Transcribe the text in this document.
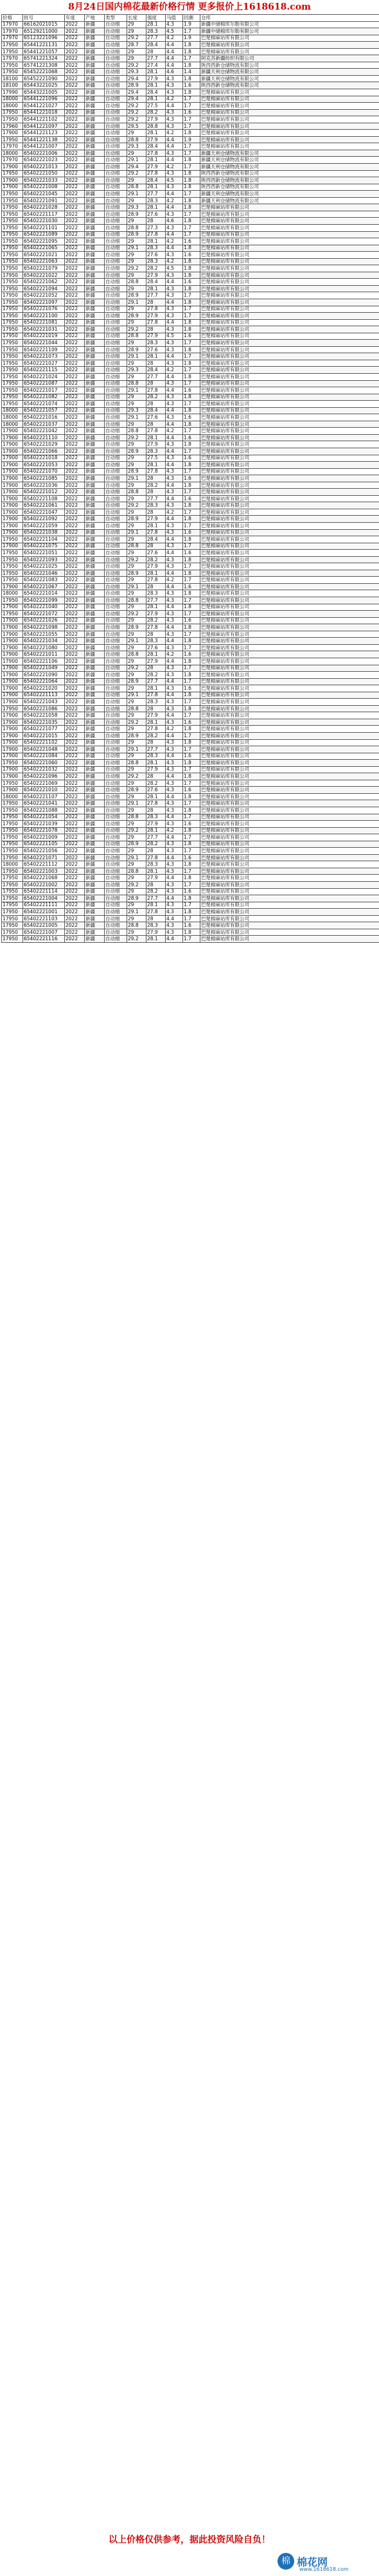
8月24日国内棉花最新价格行情 更多报价上1618618.com
价格	批号	年度	产地	类型	长度	强度	马值	回潮	仓库
17970	66162021015	2022	新疆	自动细	29	28.1	4.3	1.9	新疆中储棉库尔勒有限公司
17970	65129211000	2022	新疆	自动细	29	28.3	4.5	1.7	新疆中储棉库尔勒有限公司
17970	65123221096	2022	新疆	自动细	29.2	27.7	4.2	1.9	巴楚棉麻站库有限公司
17950	65441221131	2022	新疆	自动细	28.7	28.4	4.4	1.8	巴楚棉麻站库有限公司
17950	65441221057	2022	新疆	自动细	29	28	4.4	1.8	巴楚棉麻站库有限公司
17970	65741221324	2022	新疆	自动细	29	27.7	4.4	1.7	阿克苏新疆纺织有限公司
17950	65741221308	2022	新疆	自动细	29.2	27.4	4.4	1.8	陕西西新仓储物流有限公司
17950	65452221068	2022	新疆	自动细	29.3	28.1	4.6	1.4	新疆天利仓储物流有限公司
18100	65452221090	2022	新疆	自动细	29.4	27.9	4.3	1.8	新疆天利仓储物流有限公司
18100	65443221025	2022	新疆	自动细	28.9	28.1	4.3	1.6	陕西西新仓储物流有限公司
17990	65443221005	2022	新疆	自动细	29.4	28.4	4.3	1.8	巴楚棉麻站库有限公司
18000	65441221096	2022	新疆	自动细	29.4	28.1	4.2	1.7	巴楚棉麻站库有限公司
18000	65441221027	2022	新疆	自动细	29.2	27.5	4.4	1.7	巴楚棉麻站库有限公司
17950	65441221018	2022	新疆	自动细	29.2	28.2	4.3	1.6	巴楚棉麻站库有限公司
17950	65441221102	2022	新疆	自动细	29.2	27.9	4.3	1.7	巴楚棉麻站库有限公司
17960	65441221097	2022	新疆	自动细	29.5	28.8	4.3	1.7	巴楚棉麻站库有限公司
17900	65441221123	2022	新疆	自动细	29	28.1	4.2	1.8	巴楚棉麻站库有限公司
17950	65441221138	2022	新疆	自动细	28.8	27.9	4.4	1.9	巴楚棉麻站库有限公司
17970	65441221007	2022	新疆	自动细	29.3	28.4	4.4	1.7	巴楚棉麻站库有限公司
18000	65402221006	2022	新疆	自动细	29	27.8	4.3	1.7	新疆天利仓储物流有限公司
17970	65402221023	2022	新疆	自动细	29.1	28.1	4.4	1.8	新疆天利仓储物流有限公司
17900	65402221013	2022	新疆	自动细	29.4	27.9	4.2	1.7	新疆天利仓储物流有限公司
17950	65402221050	2022	新疆	自动细	29.2	27.8	4.3	1.8	陕西西新仓储物流有限公司
17900	65402221033	2022	新疆	自动细	29	28.4	4.5	1.8	陕西西新仓储物流有限公司
17900	65402221008	2022	新疆	自动细	28.8	28.1	4.3	1.8	陕西西新仓储物流有限公司
17950	65402221045	2022	新疆	自动细	29.1	27.7	4.4	1.7	新疆天利仓储物流有限公司
17950	65402221091	2022	新疆	自动细	29	28.3	4.2	1.8	新疆天利仓储物流有限公司
17950	65402221028	2022	新疆	自动细	29.3	28.1	4.4	1.8	巴楚棉麻站库有限公司
17950	65402221117	2022	新疆	自动细	28.9	27.6	4.3	1.7	巴楚棉麻站库有限公司
17950	65402221030	2022	新疆	自动细	29	28	4.6	1.8	巴楚棉麻站库有限公司
17950	65402221101	2022	新疆	自动细	28.8	27.3	4.3	1.7	巴楚棉麻站库有限公司
17950	65402221089	2022	新疆	自动细	28.9	27.8	4.4	1.7	巴楚棉麻站库有限公司
17950	65402221095	2022	新疆	自动细	29	28.1	4.2	1.6	巴楚棉麻站库有限公司
17950	65402221065	2022	新疆	自动细	29.1	28.3	4.4	1.8	巴楚棉麻站库有限公司
17950	65402221021	2022	新疆	自动细	29	27.6	4.3	1.6	巴楚棉麻站库有限公司
17950	65402221063	2022	新疆	自动细	29	28.3	4.2	1.8	巴楚棉麻站库有限公司
17950	65402221079	2022	新疆	自动细	29.2	28.2	4.5	1.8	巴楚棉麻站库有限公司
17950	65402221022	2022	新疆	自动细	29	27.9	4.3	1.8	巴楚棉麻站库有限公司
17950	65402221062	2022	新疆	自动细	28.8	28.4	4.4	1.6	巴楚棉麻站库有限公司
17950	65402221094	2022	新疆	自动细	29	28.1	4.3	1.8	巴楚棉麻站库有限公司
17950	65402221052	2022	新疆	自动细	28.9	27.7	4.3	1.7	巴楚棉麻站库有限公司
17950	65402221097	2022	新疆	自动细	29.1	28	4.4	1.8	巴楚棉麻站库有限公司
17950	65402221076	2022	新疆	自动细	29	27.8	4.3	1.7	巴楚棉麻站库有限公司
17950	65402221100	2022	新疆	自动细	28.9	27.9	4.3	1.7	巴楚棉麻站库有限公司
17950	65402221081	2022	新疆	自动细	29	27.8	4.4	1.8	巴楚棉麻站库有限公司
17950	65402221031	2022	新疆	自动细	29.2	28	4.3	1.8	巴楚棉麻站库有限公司
17950	65402221019	2022	新疆	自动细	28.8	27.9	4.5	1.6	巴楚棉麻站库有限公司
17950	65402221044	2022	新疆	自动细	29	28.3	4.3	1.7	巴楚棉麻站库有限公司
17950	65402221109	2022	新疆	自动细	28.9	27.6	4.3	1.8	巴楚棉麻站库有限公司
17950	65402221073	2022	新疆	自动细	29.1	28.1	4.4	1.7	巴楚棉麻站库有限公司
17950	65402221027	2022	新疆	自动细	29	28	4.3	1.8	巴楚棉麻站库有限公司
17950	65402221115	2022	新疆	自动细	29.3	28.4	4.2	1.7	巴楚棉麻站库有限公司
17950	65402221024	2022	新疆	自动细	29	27.7	4.4	1.8	巴楚棉麻站库有限公司
17950	65402221087	2022	新疆	自动细	28.8	28	4.3	1.7	巴楚棉麻站库有限公司
17950	65402221017	2022	新疆	自动细	29.1	27.8	4.4	1.6	巴楚棉麻站库有限公司
17950	65402221082	2022	新疆	自动细	29	28.2	4.3	1.8	巴楚棉麻站库有限公司
17950	65402221074	2022	新疆	自动细	29	28	4.3	1.7	巴楚棉麻站库有限公司
18000	65402221057	2022	新疆	自动细	29.3	28.4	4.4	1.8	巴楚棉麻站库有限公司
18000	65402221016	2022	新疆	自动细	29.1	27.6	4.3	1.6	巴楚棉麻站库有限公司
18000	65402221037	2022	新疆	自动细	29	28	4.4	1.8	巴楚棉麻站库有限公司
17900	65402221042	2022	新疆	自动细	28.8	27.8	4.2	1.7	巴楚棉麻站库有限公司
17900	65402221110	2022	新疆	自动细	29.2	28.1	4.4	1.6	巴楚棉麻站库有限公司
17900	65402221029	2022	新疆	自动细	29	27.9	4.3	1.8	巴楚棉麻站库有限公司
17900	65402221066	2022	新疆	自动细	28.9	28.3	4.4	1.7	巴楚棉麻站库有限公司
17900	65402221018	2022	新疆	自动细	29	27.5	4.3	1.6	巴楚棉麻站库有限公司
17900	65402221053	2022	新疆	自动细	29	28.1	4.4	1.8	巴楚棉麻站库有限公司
17900	65402221070	2022	新疆	自动细	28.9	27.8	4.3	1.7	巴楚棉麻站库有限公司
17900	65402221085	2022	新疆	自动细	29.1	28	4.3	1.6	巴楚棉麻站库有限公司
17900	65402221036	2022	新疆	自动细	29	28.2	4.4	1.8	巴楚棉麻站库有限公司
17900	65402221012	2022	新疆	自动细	28.8	28	4.3	1.7	巴楚棉麻站库有限公司
17900	65402221108	2022	新疆	自动细	29	27.7	4.4	1.6	巴楚棉麻站库有限公司
17900	65402221061	2022	新疆	自动细	29.2	28.3	4.3	1.8	巴楚棉麻站库有限公司
17900	65402221047	2022	新疆	自动细	29	28	4.2	1.7	巴楚棉麻站库有限公司
17900	65402221092	2022	新疆	自动细	28.9	27.9	4.4	1.8	巴楚棉麻站库有限公司
17900	65402221059	2022	新疆	自动细	29	28.1	4.3	1.7	巴楚棉麻站库有限公司
17900	65402221038	2022	新疆	自动细	29.1	27.8	4.3	1.6	巴楚棉麻站库有限公司
17950	65402221104	2022	新疆	自动细	29	28.4	4.4	1.8	巴楚棉麻站库有限公司
17900	65402221075	2022	新疆	自动细	28.8	28	4.3	1.7	巴楚棉麻站库有限公司
17950	65402221051	2022	新疆	自动细	29	27.6	4.4	1.6	巴楚棉麻站库有限公司
17950	65402221093	2022	新疆	自动细	29.2	28.2	4.3	1.8	巴楚棉麻站库有限公司
17950	65402221025	2022	新疆	自动细	29	27.9	4.3	1.7	巴楚棉麻站库有限公司
17950	65402221046	2022	新疆	自动细	28.9	28.1	4.4	1.8	巴楚棉麻站库有限公司
17950	65402221083	2022	新疆	自动细	29	27.8	4.2	1.7	巴楚棉麻站库有限公司
17900	65402221067	2022	新疆	自动细	29.1	28	4.4	1.6	巴楚棉麻站库有限公司
18000	65402221014	2022	新疆	自动细	29	28.3	4.3	1.8	巴楚棉麻站库有限公司
17950	65402221099	2022	新疆	自动细	28.8	27.7	4.3	1.7	巴楚棉麻站库有限公司
17900	65402221040	2022	新疆	自动细	29	28.1	4.4	1.8	巴楚棉麻站库有限公司
17950	65402221072	2022	新疆	自动细	29.2	27.9	4.3	1.7	巴楚棉麻站库有限公司
17900	65402221026	2022	新疆	自动细	29	28.2	4.3	1.6	巴楚棉麻站库有限公司
17900	65402221098	2022	新疆	自动细	28.9	27.8	4.4	1.8	巴楚棉麻站库有限公司
17900	65402221055	2022	新疆	自动细	29	28	4.3	1.7	巴楚棉麻站库有限公司
17900	65402221034	2022	新疆	自动细	29.1	28.3	4.4	1.8	巴楚棉麻站库有限公司
17900	65402221080	2022	新疆	自动细	29	27.6	4.3	1.7	巴楚棉麻站库有限公司
17900	65402221011	2022	新疆	自动细	28.8	28.1	4.2	1.6	巴楚棉麻站库有限公司
17900	65402221106	2022	新疆	自动细	29	27.9	4.4	1.8	巴楚棉麻站库有限公司
17900	65402221049	2022	新疆	自动细	29.2	28	4.3	1.7	巴楚棉麻站库有限公司
17900	65402221090	2022	新疆	自动细	29	28.2	4.3	1.8	巴楚棉麻站库有限公司
17900	65402221064	2022	新疆	自动细	28.9	27.7	4.4	1.7	巴楚棉麻站库有限公司
17900	65402221020	2022	新疆	自动细	29	28.1	4.3	1.6	巴楚棉麻站库有限公司
17900	65402221113	2022	新疆	自动细	29.1	27.8	4.4	1.8	巴楚棉麻站库有限公司
17900	65402221043	2022	新疆	自动细	29	28.3	4.3	1.7	巴楚棉麻站库有限公司
17950	65402221086	2022	新疆	自动细	28.8	28	4.3	1.8	巴楚棉麻站库有限公司
17900	65402221058	2022	新疆	自动细	29	27.9	4.4	1.7	巴楚棉麻站库有限公司
17900	65402221035	2022	新疆	自动细	29.2	28.1	4.3	1.6	巴楚棉麻站库有限公司
17900	65402221077	2022	新疆	自动细	29	27.8	4.2	1.8	巴楚棉麻站库有限公司
17900	65402221015	2022	新疆	自动细	28.9	28.2	4.4	1.7	巴楚棉麻站库有限公司
17900	65402221102	2022	新疆	自动细	29	28	4.3	1.8	巴楚棉麻站库有限公司
17900	65402221048	2022	新疆	自动细	29.1	27.7	4.3	1.7	巴楚棉麻站库有限公司
17900	65402221084	2022	新疆	自动细	29	28.3	4.4	1.6	巴楚棉麻站库有限公司
17950	65402221060	2022	新疆	自动细	28.8	28.1	4.3	1.8	巴楚棉麻站库有限公司
17900	65402221032	2022	新疆	自动细	29	27.9	4.3	1.7	巴楚棉麻站库有限公司
17900	65402221096	2022	新疆	自动细	29.2	28	4.4	1.8	巴楚棉麻站库有限公司
17950	65402221069	2022	新疆	自动细	29	28.2	4.3	1.7	巴楚棉麻站库有限公司
17900	65402221010	2022	新疆	自动细	28.9	27.6	4.3	1.6	巴楚棉麻站库有限公司
18000	65402221107	2022	新疆	自动细	29	28.1	4.4	1.8	巴楚棉麻站库有限公司
17950	65402221041	2022	新疆	自动细	29.1	27.8	4.3	1.7	巴楚棉麻站库有限公司
17950	65402221088	2022	新疆	自动细	29	28	4.3	1.8	巴楚棉麻站库有限公司
17950	65402221054	2022	新疆	自动细	28.8	28.3	4.4	1.7	巴楚棉麻站库有限公司
17950	65402221039	2022	新疆	自动细	29	27.9	4.3	1.6	巴楚棉麻站库有限公司
17950	65402221078	2022	新疆	自动细	29.2	28.1	4.2	1.8	巴楚棉麻站库有限公司
17950	65402221009	2022	新疆	自动细	29	27.7	4.4	1.7	巴楚棉麻站库有限公司
17950	65402221105	2022	新疆	自动细	28.9	28.2	4.3	1.8	巴楚棉麻站库有限公司
17950	65402221056	2022	新疆	自动细	29	28	4.3	1.7	巴楚棉麻站库有限公司
17950	65402221071	2022	新疆	自动细	29.1	27.8	4.4	1.6	巴楚棉麻站库有限公司
18000	65402221112	2022	新疆	自动细	29	28.3	4.3	1.8	巴楚棉麻站库有限公司
17950	65402221003	2022	新疆	自动细	28.8	28.1	4.3	1.7	巴楚棉麻站库有限公司
17950	65402221068	2022	新疆	自动细	29	27.9	4.4	1.8	巴楚棉麻站库有限公司
17950	65402221002	2022	新疆	自动细	29.2	28	4.3	1.7	巴楚棉麻站库有限公司
17950	65402221114	2022	新疆	自动细	29	28.2	4.3	1.6	巴楚棉麻站库有限公司
17950	65402221004	2022	新疆	自动细	28.9	27.7	4.4	1.8	巴楚棉麻站库有限公司
17950	65402221111	2022	新疆	自动细	29	28.1	4.3	1.7	巴楚棉麻站库有限公司
17950	65402221001	2022	新疆	自动细	29.1	27.8	4.3	1.8	巴楚棉麻站库有限公司
17950	65402221103	2022	新疆	自动细	29	28	4.4	1.7	巴楚棉麻站库有限公司
17950	65402221005	2022	新疆	自动细	28.8	28.3	4.3	1.6	巴楚棉麻站库有限公司
17950	65402221007	2022	新疆	自动细	29	27.9	4.3	1.8	巴楚棉麻站库有限公司
17950	65402221116	2022	新疆	自动细	29.2	28.1	4.4	1.7	巴楚棉麻站库有限公司
以上价格仅供参考，据此投资风险自负！
棉 棉花网
www.1618618.com
